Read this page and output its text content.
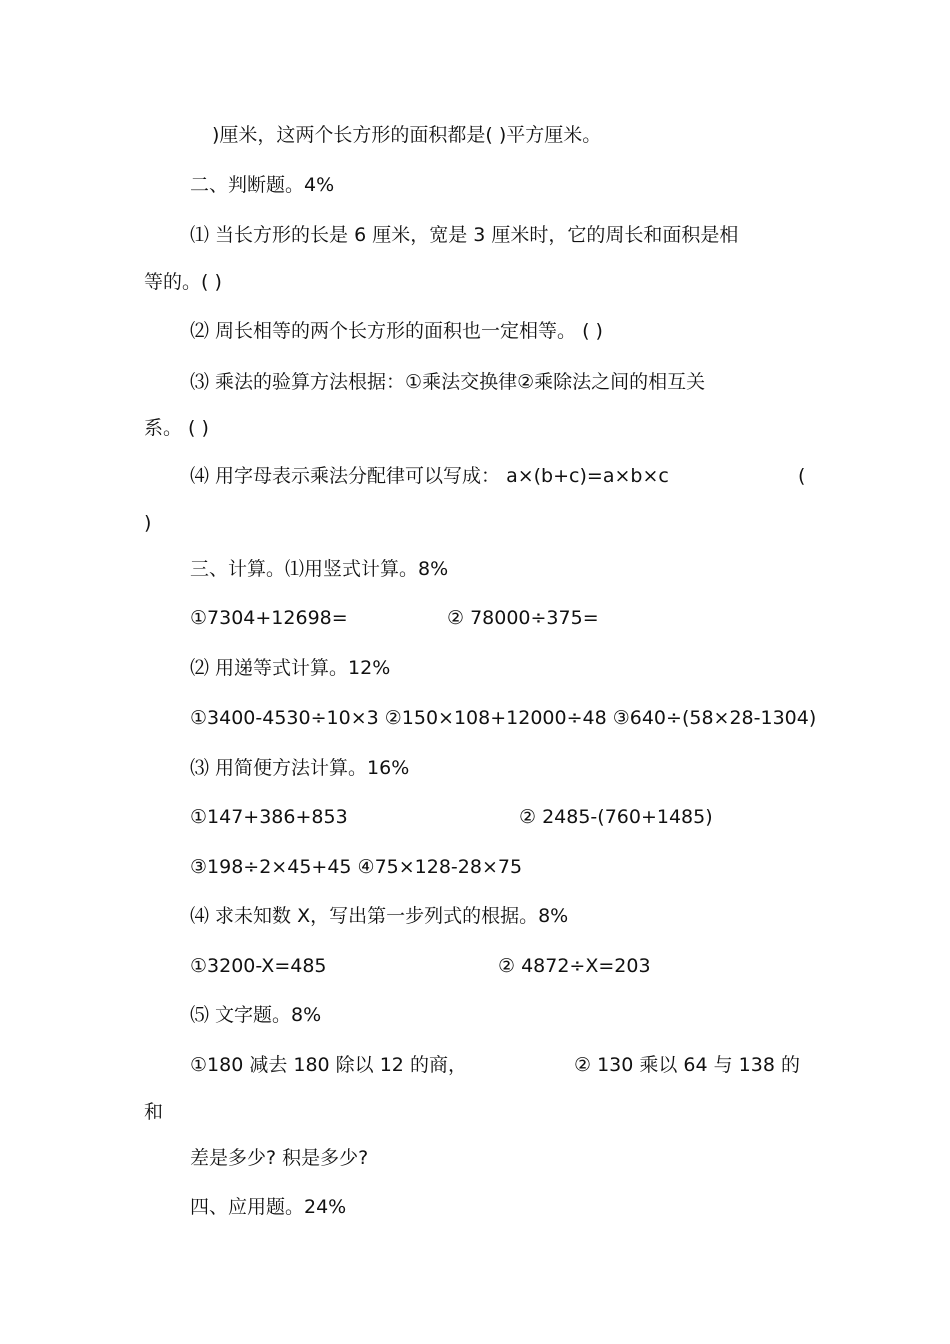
)厘米，这两个长方形的面积都是( )平方厘米。
二、判断题。4%
⑴ 当长方形的长是 6 厘米，宽是 3 厘米时，它的周长和面积是相
等的。( )
⑵ 周长相等的两个长方形的面积也一定相等。 ( )
⑶ 乘法的验算方法根据：①乘法交换律②乘除法之间的相互关
系。 ( )
⑷ 用字母表示乘法分配律可以写成： a×(b+c)=a×b×c	(
)
三、计算。⑴用竖式计算。8%
①7304+12698=	② 78000÷375=
⑵ 用递等式计算。12%
①3400-4530÷10×3 ②150×108+12000÷48 ③640÷(58×28-1304)
⑶ 用简便方法计算。16%
①147+386+853	② 2485-(760+1485)
③198÷2×45+45 ④75×128-28×75
⑷ 求未知数 X，写出第一步列式的根据。8%
①3200-X=485	② 4872÷X=203
⑸ 文字题。8%
①180 减去 180 除以 12 的商，	② 130 乘以 64 与 138 的
和
差是多少? 积是多少?
四、应用题。24%
